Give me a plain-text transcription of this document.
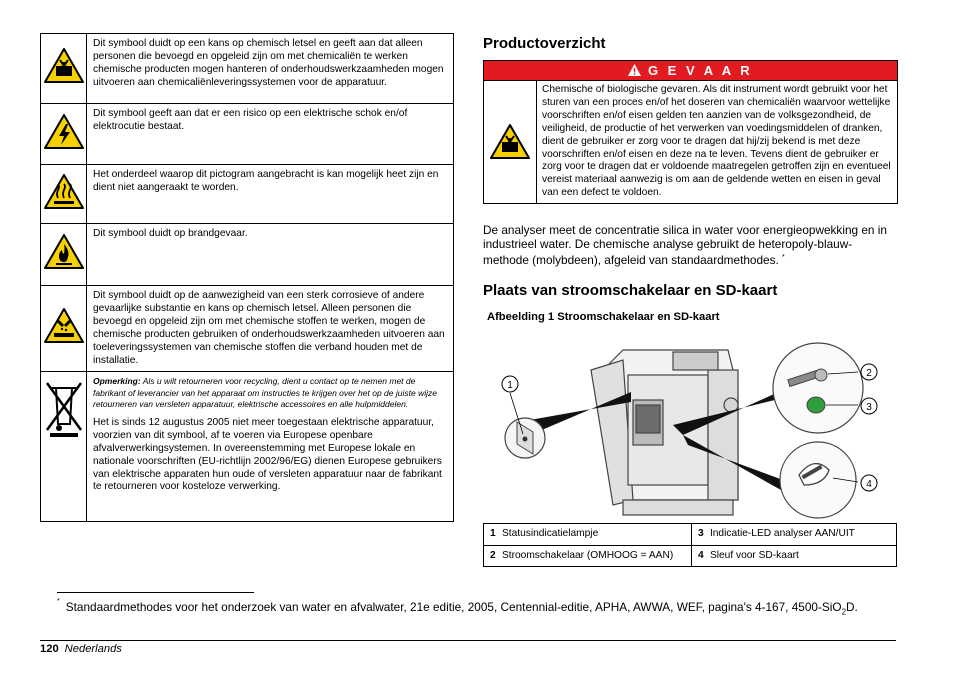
	Dit symbool duidt op een kans op chemisch letsel en geeft aan dat alleen personen die bevoegd en opgeleid zijn om met chemicaliën te werken chemische producten mogen hanteren of onderhoudswerkzaamheden mogen uitvoeren aan chemicaliënleveringssystemen voor de apparatuur.
	Dit symbool geeft aan dat er een risico op een elektrische schok en/of elektrocutie bestaat.
	Het onderdeel waarop dit pictogram aangebracht is kan mogelijk heet zijn en dient niet aangeraakt te worden.
	Dit symbool duidt op brandgevaar.
	Dit symbool duidt op de aanwezigheid van een sterk corrosieve of andere gevaarlijke substantie en kans op chemisch letsel. Alleen personen die bevoegd en opgeleid zijn om met chemische stoffen te werken, mogen de chemische producten gebruiken of onderhoudswerkzaamheden uitvoeren aan toeleveringssystemen van chemische stoffen die verband houden met de installatie.

Opmerking: Als u wilt retourneren voor recycling, dient u contact op te nemen met de fabrikant of leverancier van het apparaat om instructies te krijgen over het op de juiste wijze retourneren van versleten apparatuur, elektrische accessoires en alle hulpmiddelen.
Het is sinds 12 augustus 2005 niet meer toegestaan elektrische apparatuur, voorzien van dit symbool, af te voeren via Europese openbare afvalverwerkingsystemen. In overeenstemming met Europese lokale en nationale voorschriften (EU-richtlijn 2002/96/EG) dienen Europese gebruikers van elektrische apparaten hun oude of versleten apparatuur naar de fabrikant te retourneren voor kosteloze verwerking.
Productoverzicht
G E V A A R
Chemische of biologische gevaren. Als dit instrument wordt gebruikt voor het sturen van een proces en/of het doseren van chemicaliën waarvoor wettelijke voorschriften en/of eisen gelden ten aanzien van de volksgezondheid, de veiligheid, de productie of het verwerken van voedingsmiddelen of dranken, dient de gebruiker er zorg voor te dragen dat hij/zij bekend is met deze voorschriften en/of eisen en deze na te leven. Tevens dient de gebruiker er zorg voor te dragen dat er voldoende maatregelen getroffen zijn en eventueel vereist materiaal aanwezig is om aan de geldende wetten en eisen in geval van een defect te voldoen.
De analyser meet de concentratie silica in water voor energieopwekking en in industrieel water. De chemische analyse gebruikt de heteropoly-blauw-methode (molybdeen), afgeleid van standaardmethodes. *
Plaats van stroomschakelaar en SD-kaart
Afbeelding 1 Stroomschakelaar en SD-kaart
1
2
3
4
1	Statusindicatielampje	3	Indicatie-LED analyser AAN/UIT
2	Stroomschakelaar (OMHOOG = AAN)	4	Sleuf voor SD-kaart
* Standaardmethodes voor het onderzoek van water en afvalwater, 21e editie, 2005, Centennial-editie, APHA, AWWA, WEF, pagina's 4-167, 4500-SiO$_2$D.
120 Nederlands
